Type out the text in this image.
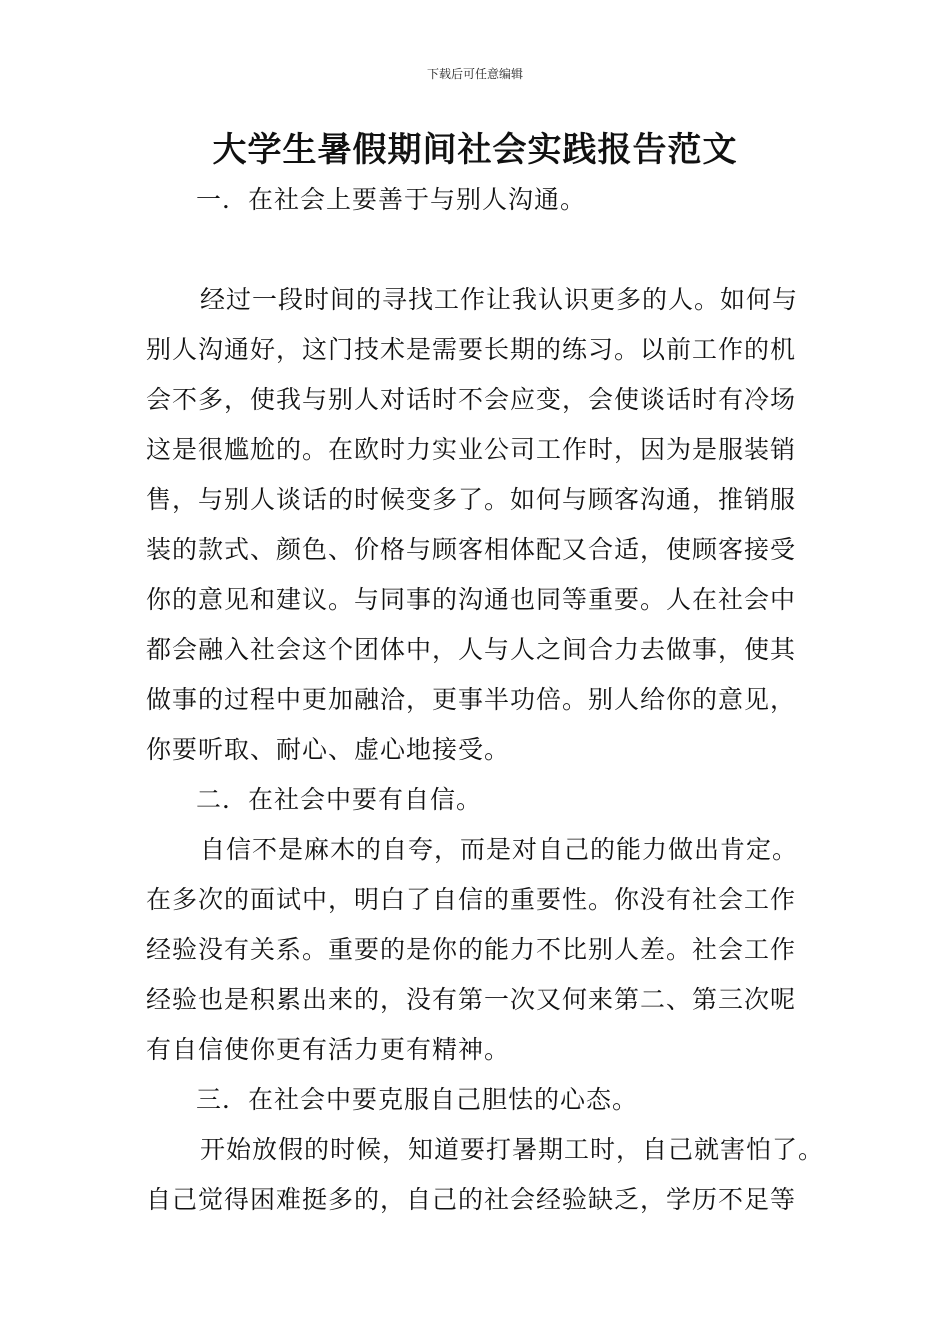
下载后可任意编辑
大学生暑假期间社会实践报告范文
一．在社会上要善于与别人沟通。
经过一段时间的寻找工作让我认识更多的人。如何与
别人沟通好，这门技术是需要长期的练习。以前工作的机
会不多，使我与别人对话时不会应变，会使谈话时有冷场
这是很尴尬的。在欧时力实业公司工作时，因为是服装销
售，与别人谈话的时候变多了。如何与顾客沟通，推销服
装的款式、颜色、价格与顾客相体配又合适，使顾客接受
你的意见和建议。与同事的沟通也同等重要。人在社会中
都会融入社会这个团体中，人与人之间合力去做事，使其
做事的过程中更加融洽，更事半功倍。别人给你的意见，
你要听取、耐心、虚心地接受。
二．在社会中要有自信。
自信不是麻木的自夸，而是对自己的能力做出肯定。
在多次的面试中，明白了自信的重要性。你没有社会工作
经验没有关系。重要的是你的能力不比别人差。社会工作
经验也是积累出来的，没有第一次又何来第二、第三次呢
有自信使你更有活力更有精神。
三．在社会中要克服自己胆怯的心态。
开始放假的时候，知道要打暑期工时，自己就害怕了。
自己觉得困难挺多的，自己的社会经验缺乏，学历不足等
